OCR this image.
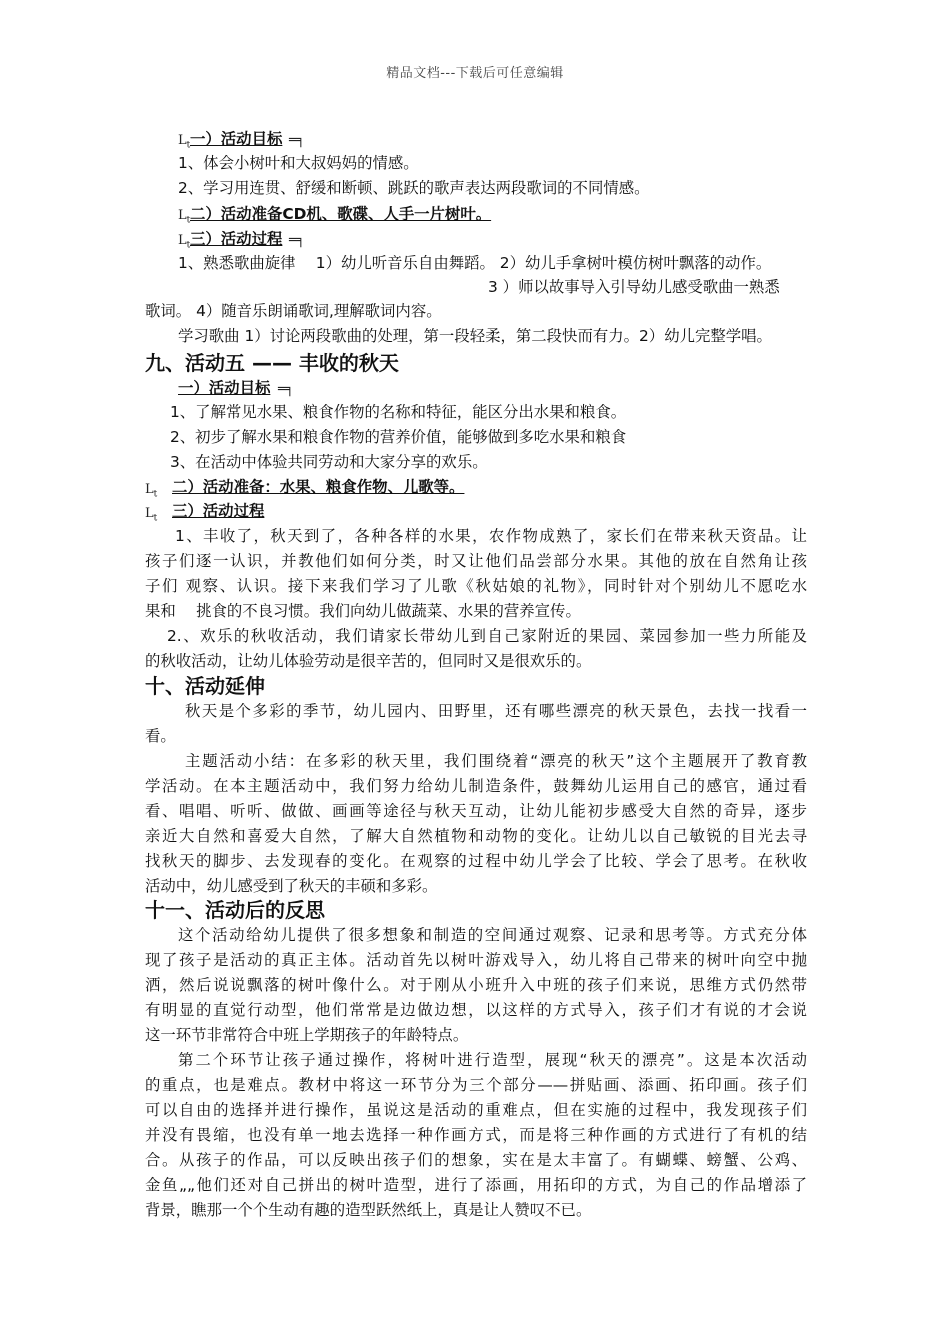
精品文档---下载后可任意编辑
$L_t$ 一）活动目标 ═╕
1、体会小树叶和大叔妈妈的情感。
2、学习用连贯、舒缓和断顿、跳跃的歌声表达两段歌词的不同情感。
$L_t$ 二）活动准备CD机、歌碟、人手一片树叶。
$L_t$ 三）活动过程 ═╕
1、熟悉歌曲旋律　 1）幼儿听音乐自由舞蹈。 2）幼儿手拿树叶模仿树叶飘落的动作。
3 ）师以故事导入引导幼儿感受歌曲一熟悉
歌词。 4）随音乐朗诵歌词,理解歌词内容。
学习歌曲 1）讨论两段歌曲的处理，第一段轻柔，第二段快而有力。2）幼儿完整学唱。
九、活动五 —— 丰收的秋天
一）活动目标 ═╕
1、了解常见水果、粮食作物的名称和特征，能区分出水果和粮食。
2、初步了解水果和粮食作物的营养价值，能够做到多吃水果和粮食
3、在活动中体验共同劳动和大家分享的欢乐。
$L_t$ 二）活动准备：水果、粮食作物、儿歌等。
$L_t$ 三）活动过程
1、丰收了，秋天到了，各种各样的水果，农作物成熟了，家长们在带来秋天资品。让
孩子们逐一认识，并教他们如何分类，时又让他们品尝部分水果。其他的放在自然角让孩
子们 观察、认识。接下来我们学习了儿歌《秋姑娘的礼物》，同时针对个别幼儿不愿吃水
果和　 挑食的不良习惯。我们向幼儿做蔬菜、水果的营养宣传。
2.、欢乐的秋收活动，我们请家长带幼儿到自己家附近的果园、菜园参加一些力所能及
的秋收活动，让幼儿体验劳动是很辛苦的，但同时又是很欢乐的。
十、活动延伸
秋天是个多彩的季节，幼儿园内、田野里，还有哪些漂亮的秋天景色，去找一找看一
看。
主题活动小结：在多彩的秋天里，我们围绕着“漂亮的秋天”这个主题展开了教育教
学活动。在本主题活动中，我们努力给幼儿制造条件，鼓舞幼儿运用自己的感官，通过看
看、唱唱、听听、做做、画画等途径与秋天互动，让幼儿能初步感受大自然的奇异，逐步
亲近大自然和喜爱大自然，了解大自然植物和动物的变化。让幼儿以自己敏锐的目光去寻
找秋天的脚步、去发现春的变化。在观察的过程中幼儿学会了比较、学会了思考。在秋收
活动中，幼儿感受到了秋天的丰硕和多彩。
十一、活动后的反思
这个活动给幼儿提供了很多想象和制造的空间通过观察、记录和思考等。方式充分体
现了孩子是活动的真正主体。活动首先以树叶游戏导入，幼儿将自己带来的树叶向空中抛
洒，然后说说飘落的树叶像什么。对于刚从小班升入中班的孩子们来说，思维方式仍然带
有明显的直觉行动型，他们常常是边做边想，以这样的方式导入，孩子们才有说的才会说
这一环节非常符合中班上学期孩子的年龄特点。
第二个环节让孩子通过操作，将树叶进行造型，展现“秋天的漂亮”。这是本次活动
的重点，也是难点。教材中将这一环节分为三个部分——拼贴画、添画、拓印画。孩子们
可以自由的选择并进行操作，虽说这是活动的重难点，但在实施的过程中，我发现孩子们
并没有畏缩，也没有单一地去选择一种作画方式，而是将三种作画的方式进行了有机的结
合。从孩子的作品，可以反映出孩子们的想象，实在是太丰富了。有蝴蝶、螃蟹、公鸡、
金鱼„„他们还对自己拼出的树叶造型，进行了添画，用拓印的方式，为自己的作品增添了
背景，瞧那一个个生动有趣的造型跃然纸上，真是让人赞叹不已。
